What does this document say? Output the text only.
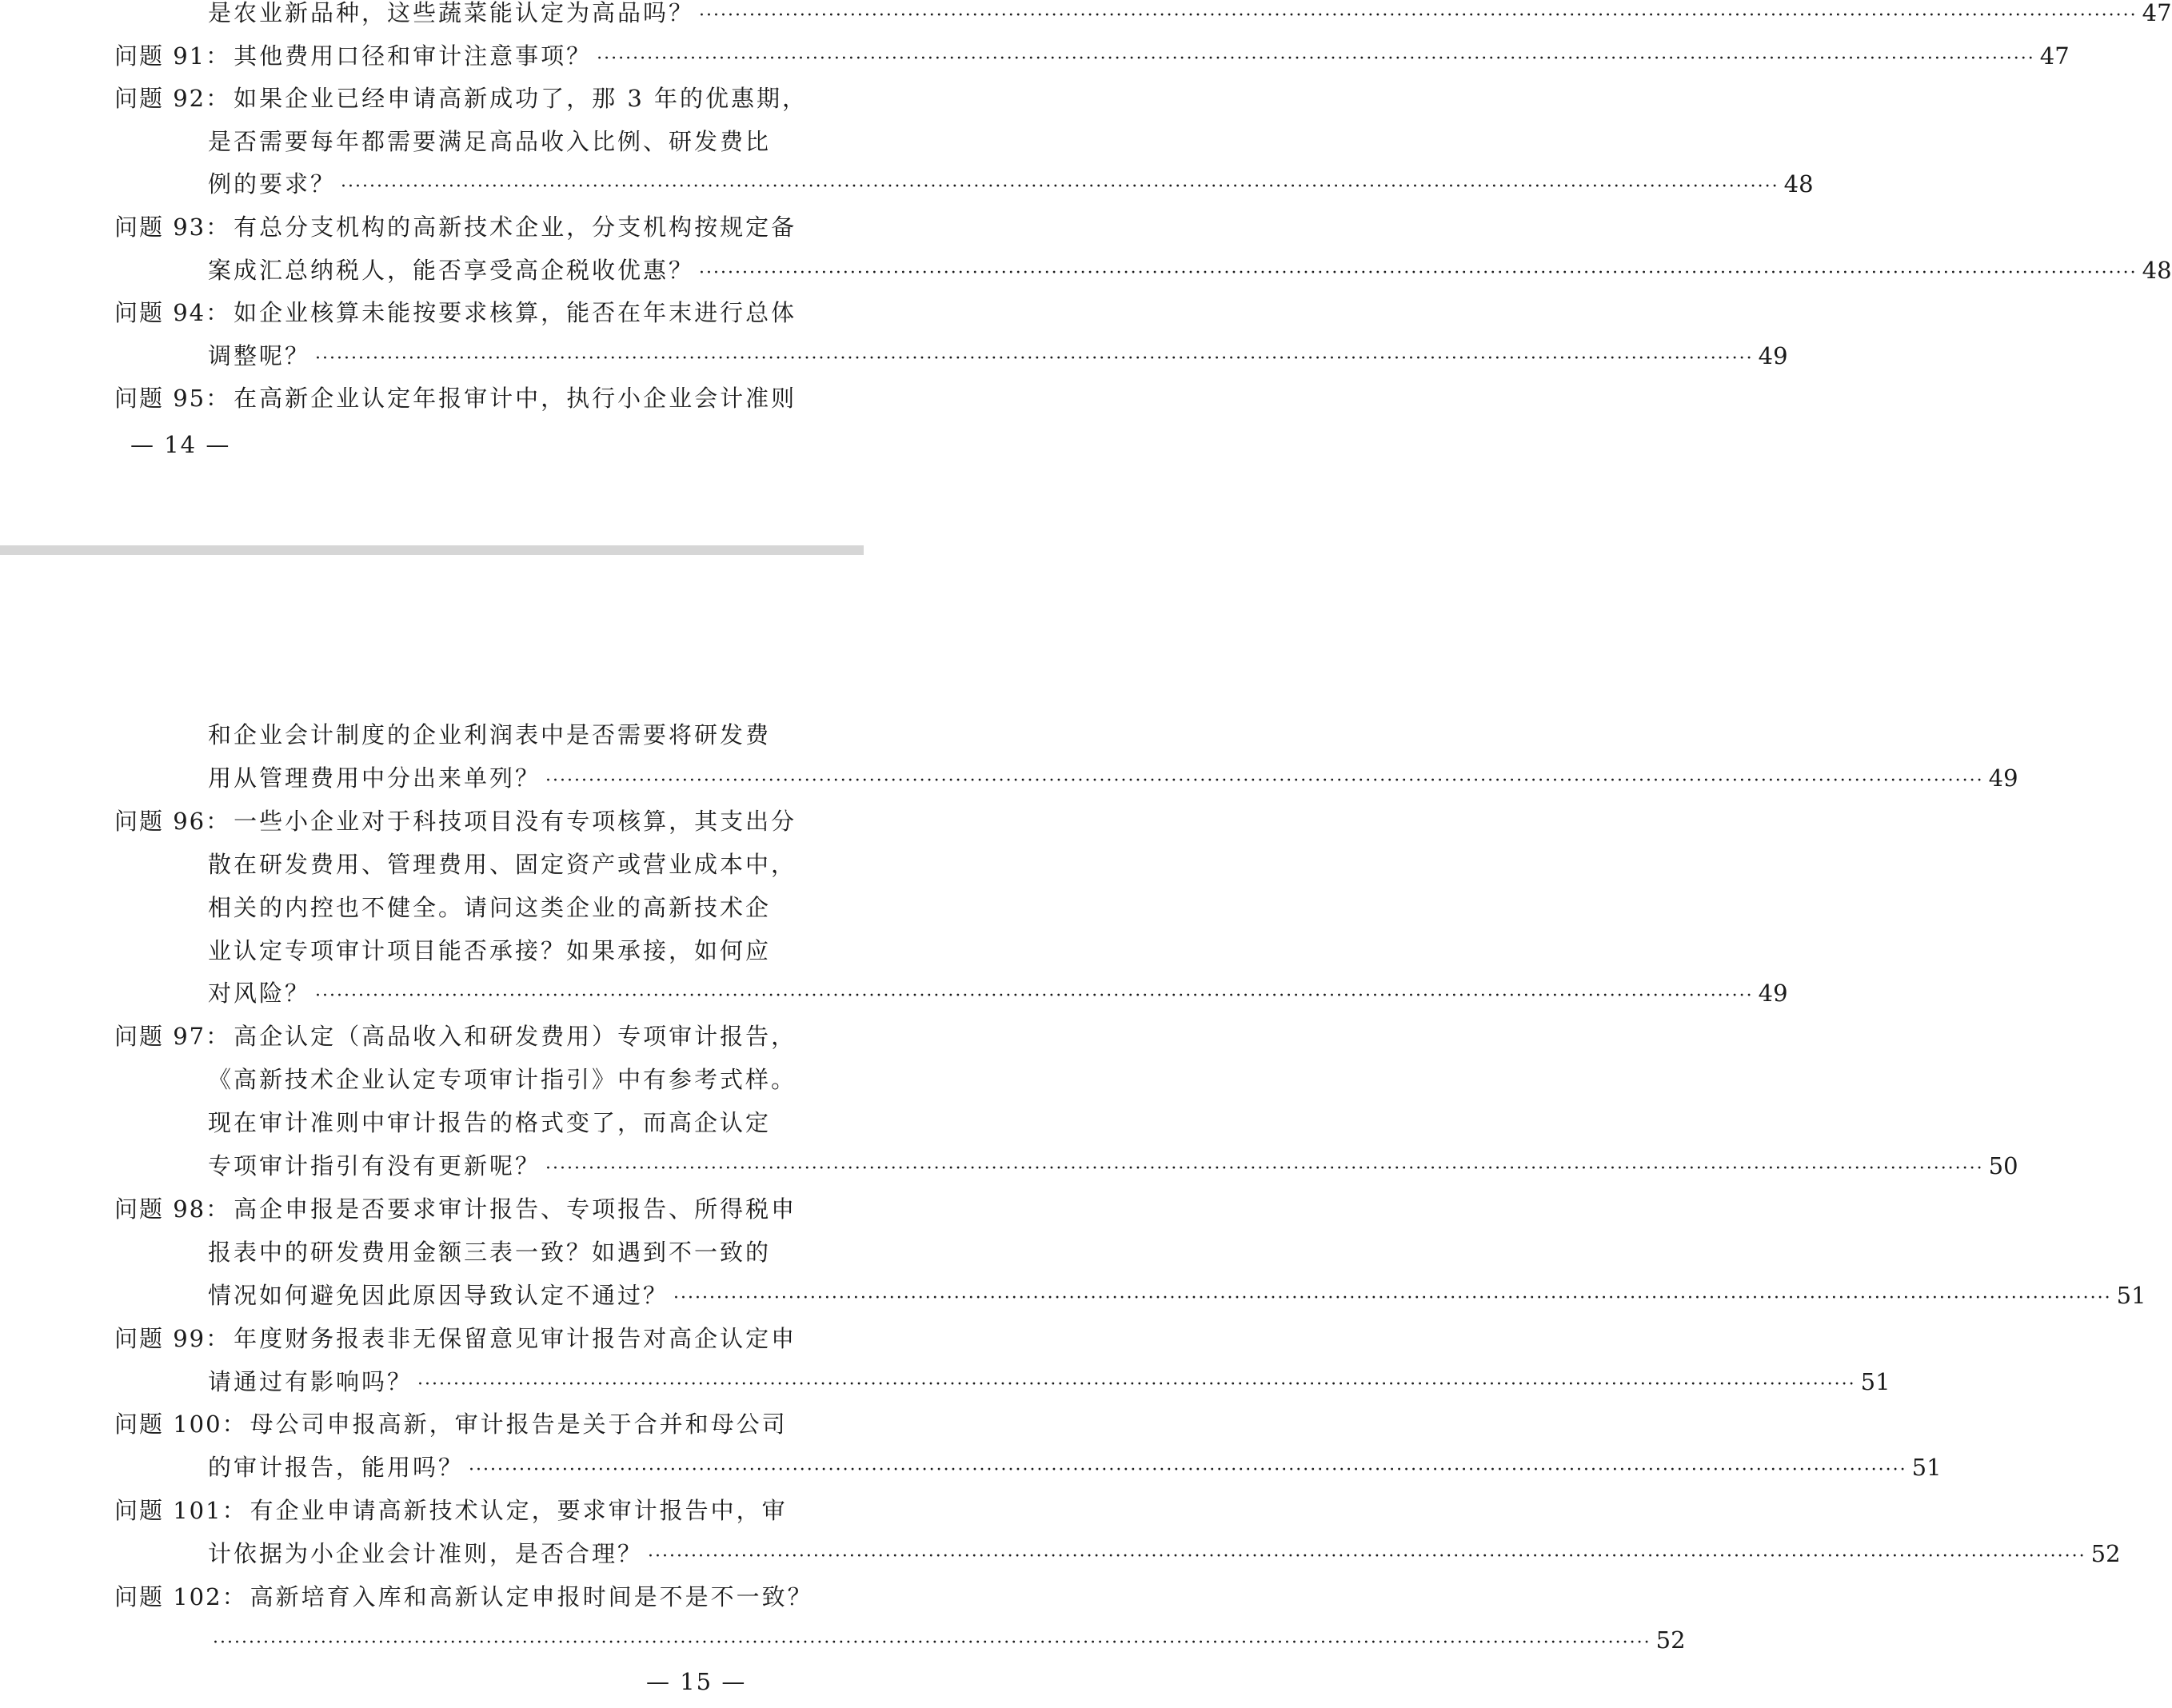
— 14 —
— 15 —
是农业新品种，这些蔬菜能认定为高品吗？ ········································································································································································································ 47
问题 91： 其他费用口径和审计注意事项？ ········································································································································································································ 47
问题 92： 如果企业已经申请高新成功了，那 3 年的优惠期，
是否需要每年都需要满足高品收入比例、研发费比
例的要求？ ········································································································································································································ 48
问题 93： 有总分支机构的高新技术企业，分支机构按规定备
案成汇总纳税人，能否享受高企税收优惠？ ········································································································································································································ 48
问题 94： 如企业核算未能按要求核算，能否在年末进行总体
调整呢？ ········································································································································································································ 49
问题 95： 在高新企业认定年报审计中，执行小企业会计准则
和企业会计制度的企业利润表中是否需要将研发费
用从管理费用中分出来单列？ ········································································································································································································ 49
问题 96： 一些小企业对于科技项目没有专项核算，其支出分
散在研发费用、管理费用、固定资产或营业成本中，
相关的内控也不健全。请问这类企业的高新技术企
业认定专项审计项目能否承接？如果承接，如何应
对风险？ ········································································································································································································ 49
问题 97： 高企认定（高品收入和研发费用）专项审计报告，
《高新技术企业认定专项审计指引》中有参考式样。
现在审计准则中审计报告的格式变了，而高企认定
专项审计指引有没有更新呢？ ········································································································································································································ 50
问题 98： 高企申报是否要求审计报告、专项报告、所得税申
报表中的研发费用金额三表一致？如遇到不一致的
情况如何避免因此原因导致认定不通过？ ········································································································································································································ 51
问题 99： 年度财务报表非无保留意见审计报告对高企认定申
请通过有影响吗？ ········································································································································································································ 51
问题 100： 母公司申报高新，审计报告是关于合并和母公司
的审计报告，能用吗？ ········································································································································································································ 51
问题 101： 有企业申请高新技术认定，要求审计报告中，审
计依据为小企业会计准则，是否合理？ ········································································································································································································ 52
问题 102： 高新培育入库和高新认定申报时间是不是不一致？
········································································································································································································ 52
